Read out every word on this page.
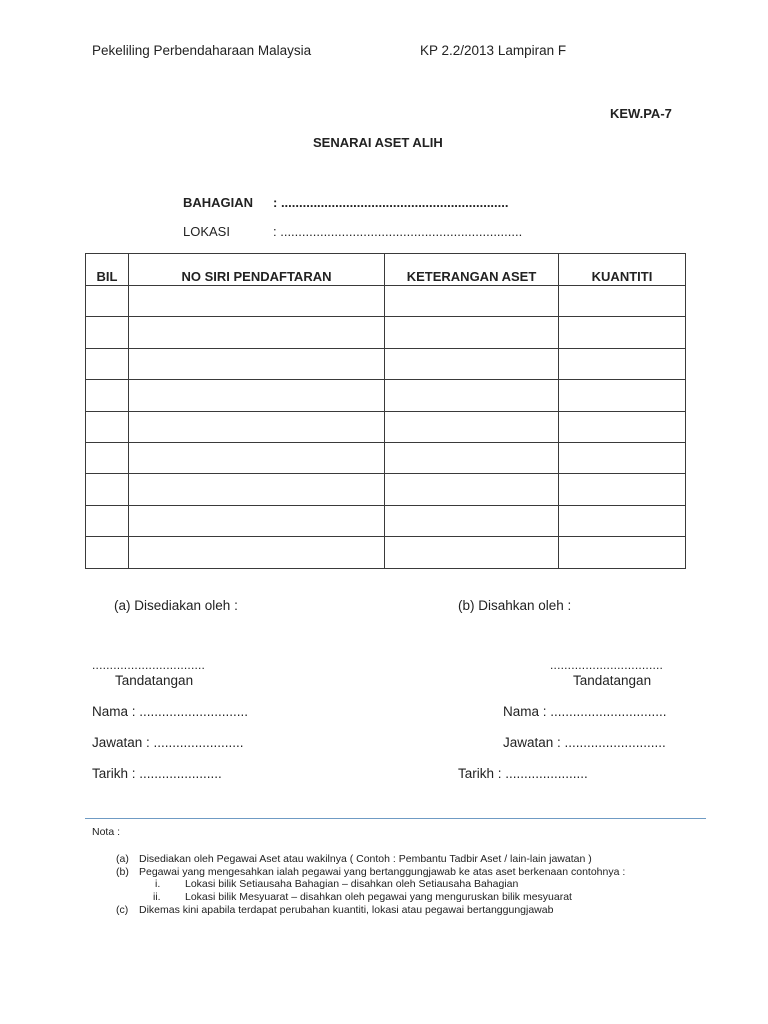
Pekeliling Perbendaharaan Malaysia	KP 2.2/2013 Lampiran F
KEW.PA-7
SENARAI ASET ALIH
BAHAGIAN : ...............................................................
LOKASI	: ...................................................................
BIL	NO SIRI PENDAFTARAN	KETERANGAN ASET	KUANTITI

(a) Disediakan oleh :	(b) Disahkan oleh :
................................	................................
Tandatangan	Tandatangan
Nama : .............................	Nama : ...............................
Jawatan : ........................	Jawatan : ...........................
Tarikh : ......................	Tarikh : ......................
Nota :
(a) Disediakan oleh Pegawai Aset atau wakilnya ( Contoh : Pembantu Tadbir Aset / lain-lain jawatan )
(b) Pegawai yang mengesahkan ialah pegawai yang bertanggungjawab ke atas aset berkenaan contohnya :
i. Lokasi bilik Setiausaha Bahagian – disahkan oleh Setiausaha Bahagian
ii. Lokasi bilik Mesyuarat – disahkan oleh pegawai yang menguruskan bilik mesyuarat
(c) Dikemas kini apabila terdapat perubahan kuantiti, lokasi atau pegawai bertanggungjawab
